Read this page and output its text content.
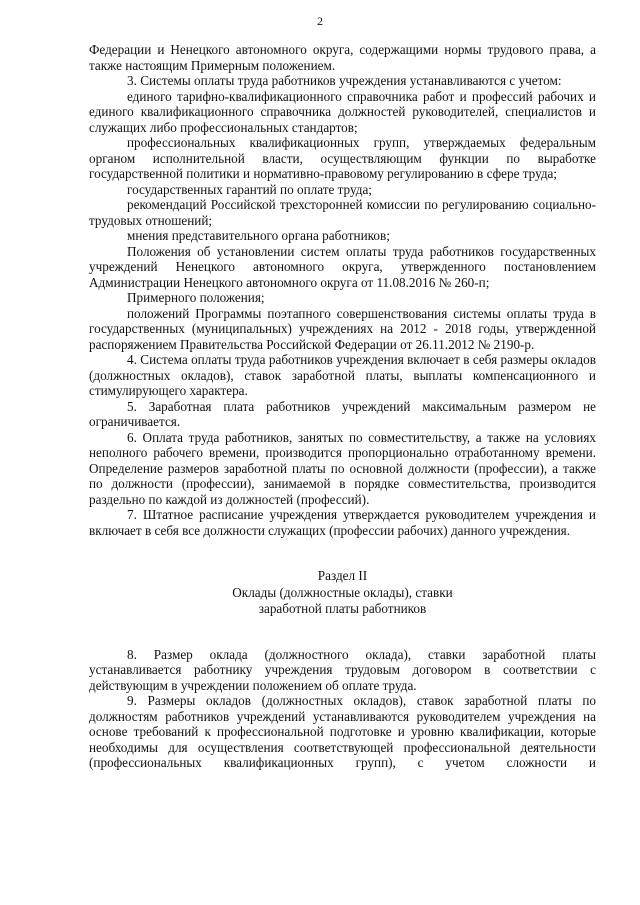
2

Федерации и Ненецкого автономного округа, содержащими нормы трудового права, а также настоящим Примерным положением.

3. Системы оплаты труда работников учреждения устанавливаются с учетом:

единого тарифно-квалификационного справочника работ и профессий рабочих и единого квалификационного справочника должностей руководителей, специалистов и служащих либо профессиональных стандартов;

профессиональных квалификационных групп, утверждаемых федеральным органом исполнительной власти, осуществляющим функции по выработке государственной политики и нормативно-правовому регулированию в сфере труда;

государственных гарантий по оплате труда;

рекомендаций Российской трехсторонней комиссии по регулированию социально-трудовых отношений;

мнения представительного органа работников;

Положения об установлении систем оплаты труда работников государственных учреждений Ненецкого автономного округа, утвержденного постановлением Администрации Ненецкого автономного округа от 11.08.2016 № 260-п;

Примерного положения;

положений Программы поэтапного совершенствования системы оплаты труда в государственных (муниципальных) учреждениях на 2012 - 2018 годы, утвержденной распоряжением Правительства Российской Федерации от 26.11.2012 № 2190-р.

4. Система оплаты труда работников учреждения включает в себя размеры окладов (должностных окладов), ставок заработной платы, выплаты компенсационного и стимулирующего характера.

5. Заработная плата работников учреждений максимальным размером не ограничивается.

6. Оплата труда работников, занятых по совместительству, а также на условиях неполного рабочего времени, производится пропорционально отработанному времени. Определение размеров заработной платы по основной должности (профессии), а также по должности (профессии), занимаемой в порядке совместительства, производится раздельно по каждой из должностей (профессий).

7. Штатное расписание учреждения утверждается руководителем учреждения и включает в себя все должности служащих (профессии рабочих) данного учреждения.

Раздел II
Оклады (должностные оклады), ставки
заработной платы работников

8. Размер оклада (должностного оклада), ставки заработной платы устанавливается работнику учреждения трудовым договором в соответствии с действующим в учреждении положением об оплате труда.

9. Размеры окладов (должностных окладов), ставок заработной платы по должностям работников учреждений устанавливаются руководителем учреждения на основе требований к профессиональной подготовке и уровню квалификации, которые необходимы для осуществления соответствующей профессиональной деятельности (профессиональных квалификационных групп), с учетом сложности и
